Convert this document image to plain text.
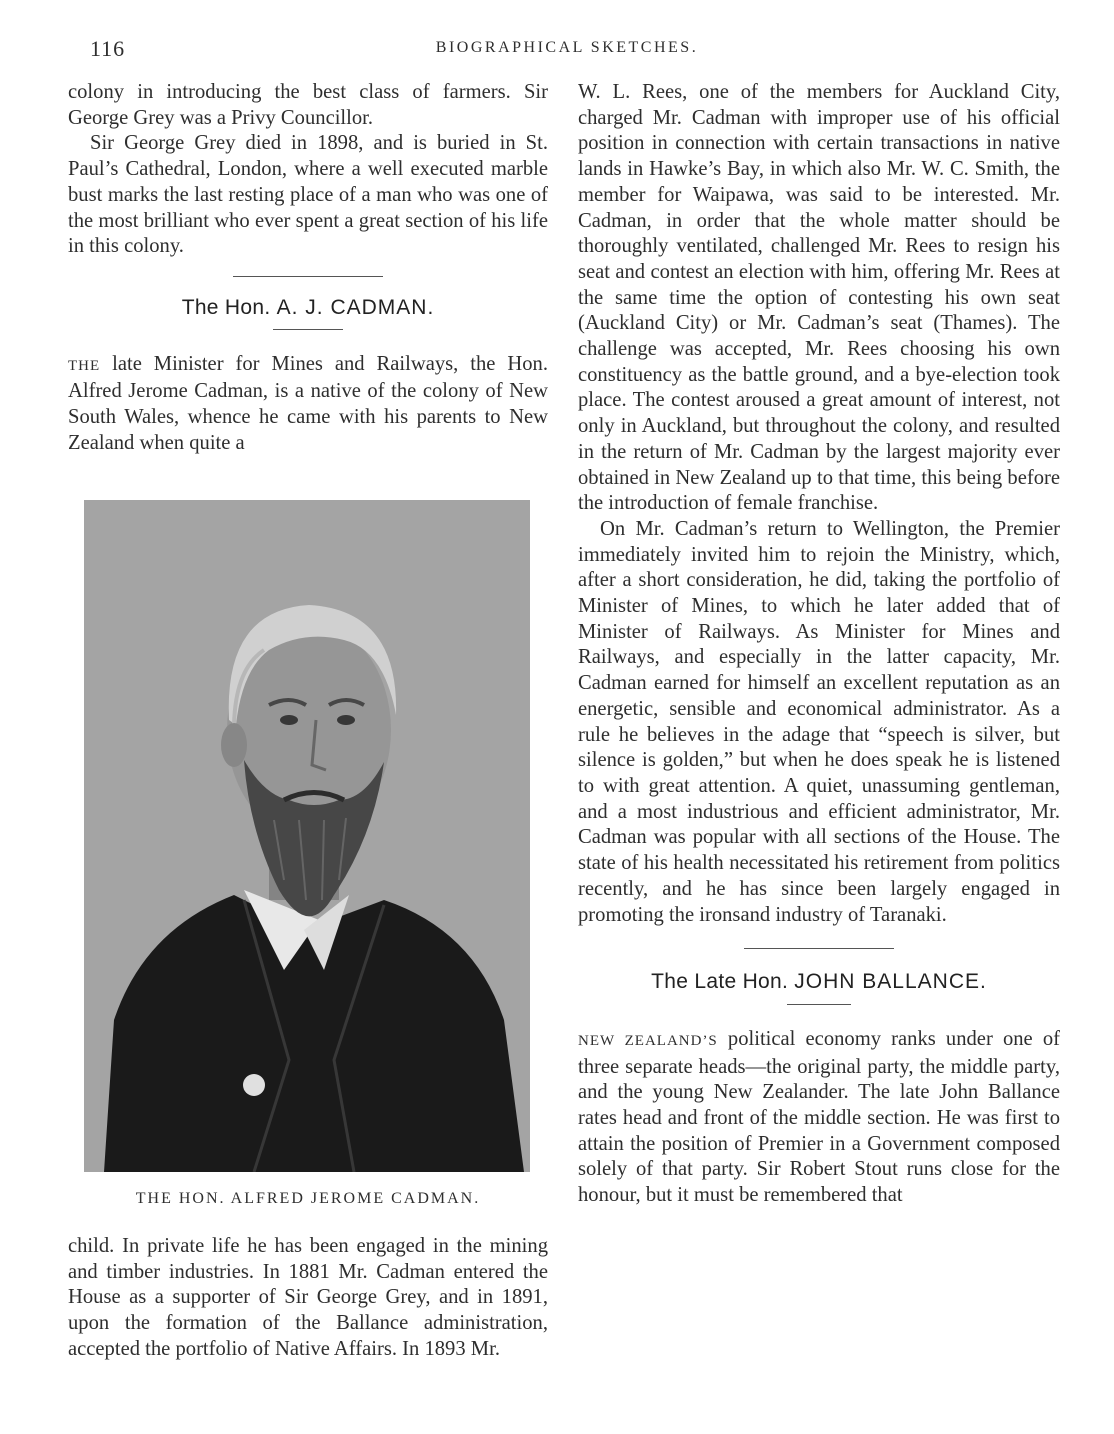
116	BIOGRAPHICAL SKETCHES.

colony in introducing the best class of farmers. Sir George Grey was a Privy Councillor.

Sir George Grey died in 1898, and is buried in St. Paul’s Cathedral, London, where a well executed marble bust marks the last resting place of a man who was one of the most brilliant who ever spent a great section of his life in this colony.

The Hon. A. J. CADMAN.

THE late Minister for Mines and Railways, the Hon. Alfred Jerome Cadman, is a native of the colony of New South Wales, whence he came with his parents to New Zealand when quite a

THE HON. ALFRED JEROME CADMAN.

child. In private life he has been engaged in the mining and timber industries. In 1881 Mr. Cadman entered the House as a supporter of Sir George Grey, and in 1891, upon the formation of the Ballance administration, accepted the portfolio of Native Affairs. In 1893 Mr.

W. L. Rees, one of the members for Auckland City, charged Mr. Cadman with improper use of his official position in connection with certain transactions in native lands in Hawke’s Bay, in which also Mr. W. C. Smith, the member for Waipawa, was said to be interested. Mr. Cadman, in order that the whole matter should be thoroughly ventilated, challenged Mr. Rees to resign his seat and contest an election with him, offering Mr. Rees at the same time the option of contesting his own seat (Auckland City) or Mr. Cadman’s seat (Thames). The challenge was accepted, Mr. Rees choosing his own constituency as the battle ground, and a bye-election took place. The contest aroused a great amount of interest, not only in Auckland, but throughout the colony, and resulted in the return of Mr. Cadman by the largest majority ever obtained in New Zealand up to that time, this being before the introduction of female franchise.

On Mr. Cadman’s return to Wellington, the Premier immediately invited him to rejoin the Ministry, which, after a short consideration, he did, taking the portfolio of Minister of Mines, to which he later added that of Minister of Railways. As Minister for Mines and Railways, and especially in the latter capacity, Mr. Cadman earned for himself an excellent reputation as an energetic, sensible and economical administrator. As a rule he believes in the adage that “speech is silver, but silence is golden,” but when he does speak he is listened to with great attention. A quiet, unassuming gentleman, and a most industrious and efficient administrator, Mr. Cadman was popular with all sections of the House. The state of his health necessitated his retirement from politics recently, and he has since been largely engaged in promoting the ironsand industry of Taranaki.

The Late Hon. JOHN BALLANCE.

NEW ZEALAND’S political economy ranks under one of three separate heads—the original party, the middle party, and the young New Zealander. The late John Ballance rates head and front of the middle section. He was first to attain the position of Premier in a Government composed solely of that party. Sir Robert Stout runs close for the honour, but it must be remembered that
